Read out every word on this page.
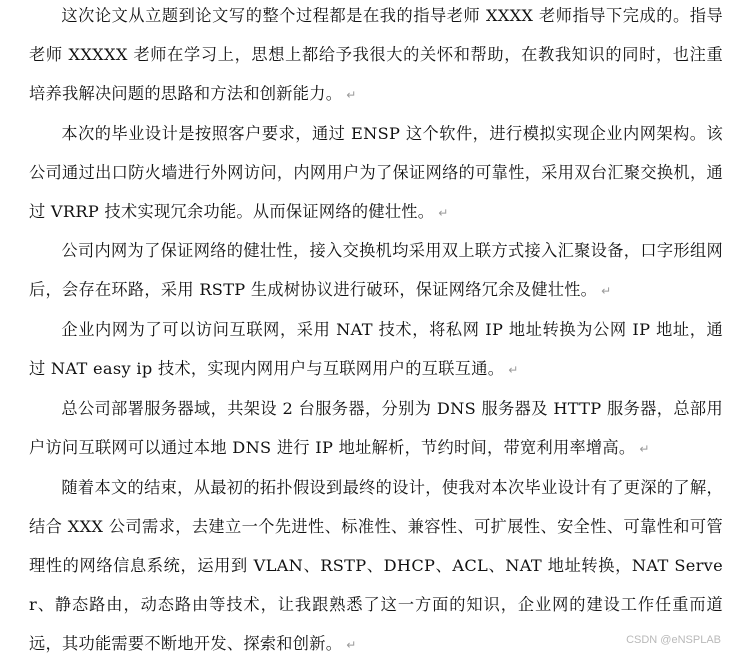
这次论文从立题到论文写的整个过程都是在我的指导老师 XXXX 老师指导下完成的。指导老师 XXXXX 老师在学习上，思想上都给予我很大的关怀和帮助，在教我知识的同时，也注重培养我解决问题的思路和方法和创新能力。 ↵

本次的毕业设计是按照客户要求，通过 ENSP 这个软件，进行模拟实现企业内网架构。该公司通过出口防火墙进行外网访问，内网用户为了保证网络的可靠性，采用双台汇聚交换机，通过 VRRP 技术实现冗余功能。从而保证网络的健壮性。 ↵

公司内网为了保证网络的健壮性，接入交换机均采用双上联方式接入汇聚设备，口字形组网后，会存在环路，采用 RSTP 生成树协议进行破环，保证网络冗余及健壮性。 ↵

企业内网为了可以访问互联网，采用 NAT 技术，将私网 IP 地址转换为公网 IP 地址，通过 NAT easy ip 技术，实现内网用户与互联网用户的互联互通。 ↵

总公司部署服务器域，共架设 2 台服务器，分别为 DNS 服务器及 HTTP 服务器，总部用户访问互联网可以通过本地 DNS 进行 IP 地址解析，节约时间，带宽利用率增高。 ↵

随着本文的结束，从最初的拓扑假设到最终的设计，使我对本次毕业设计有了更深的了解，结合 XXX 公司需求，去建立一个先进性、标准性、兼容性、可扩展性、安全性、可靠性和可管理性的网络信息系统，运用到 VLAN、RSTP、DHCP、ACL、NAT 地址转换，NAT Server、静态路由，动态路由等技术，让我跟熟悉了这一方面的知识，企业网的建设工作任重而道远，其功能需要不断地开发、探索和创新。 ↵	CSDN @eNSPLAB
